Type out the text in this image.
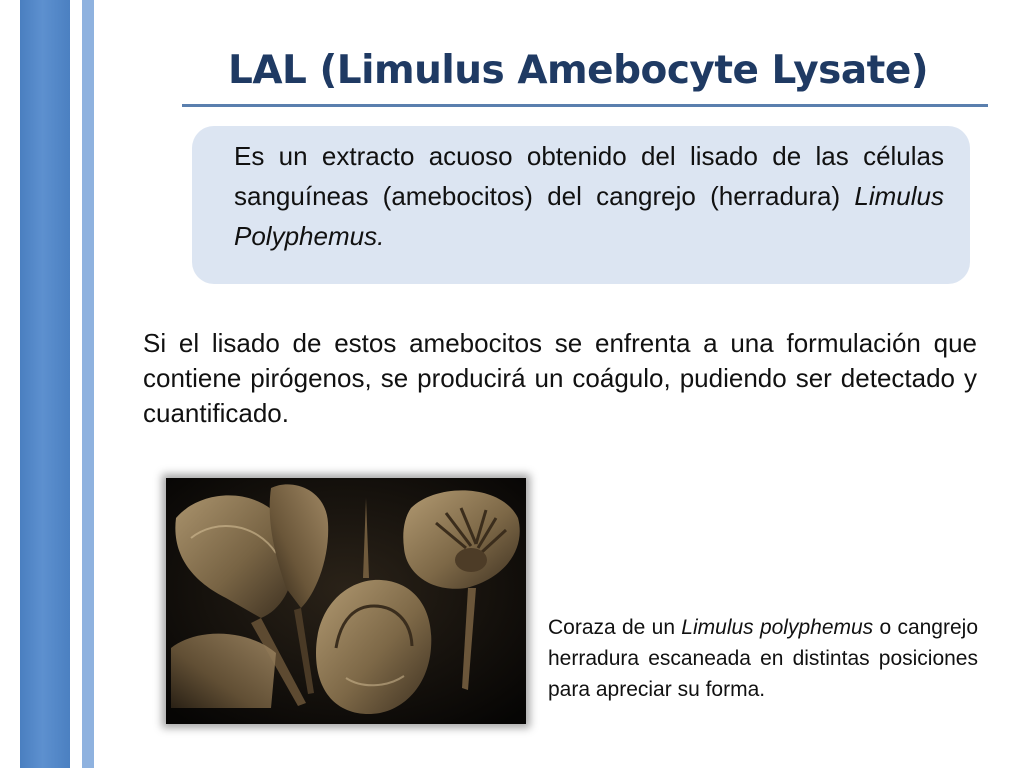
LAL (Limulus Amebocyte Lysate)
Es un extracto acuoso obtenido del lisado de las células sanguíneas (amebocitos) del cangrejo (herradura) Limulus Polyphemus.
Si el lisado de estos amebocitos se enfrenta a una formulación que contiene pirógenos, se producirá un coágulo, pudiendo ser detectado y cuantificado.
Coraza de un Limulus polyphemus o cangrejo herradura escaneada en distintas posiciones para apreciar su forma.
